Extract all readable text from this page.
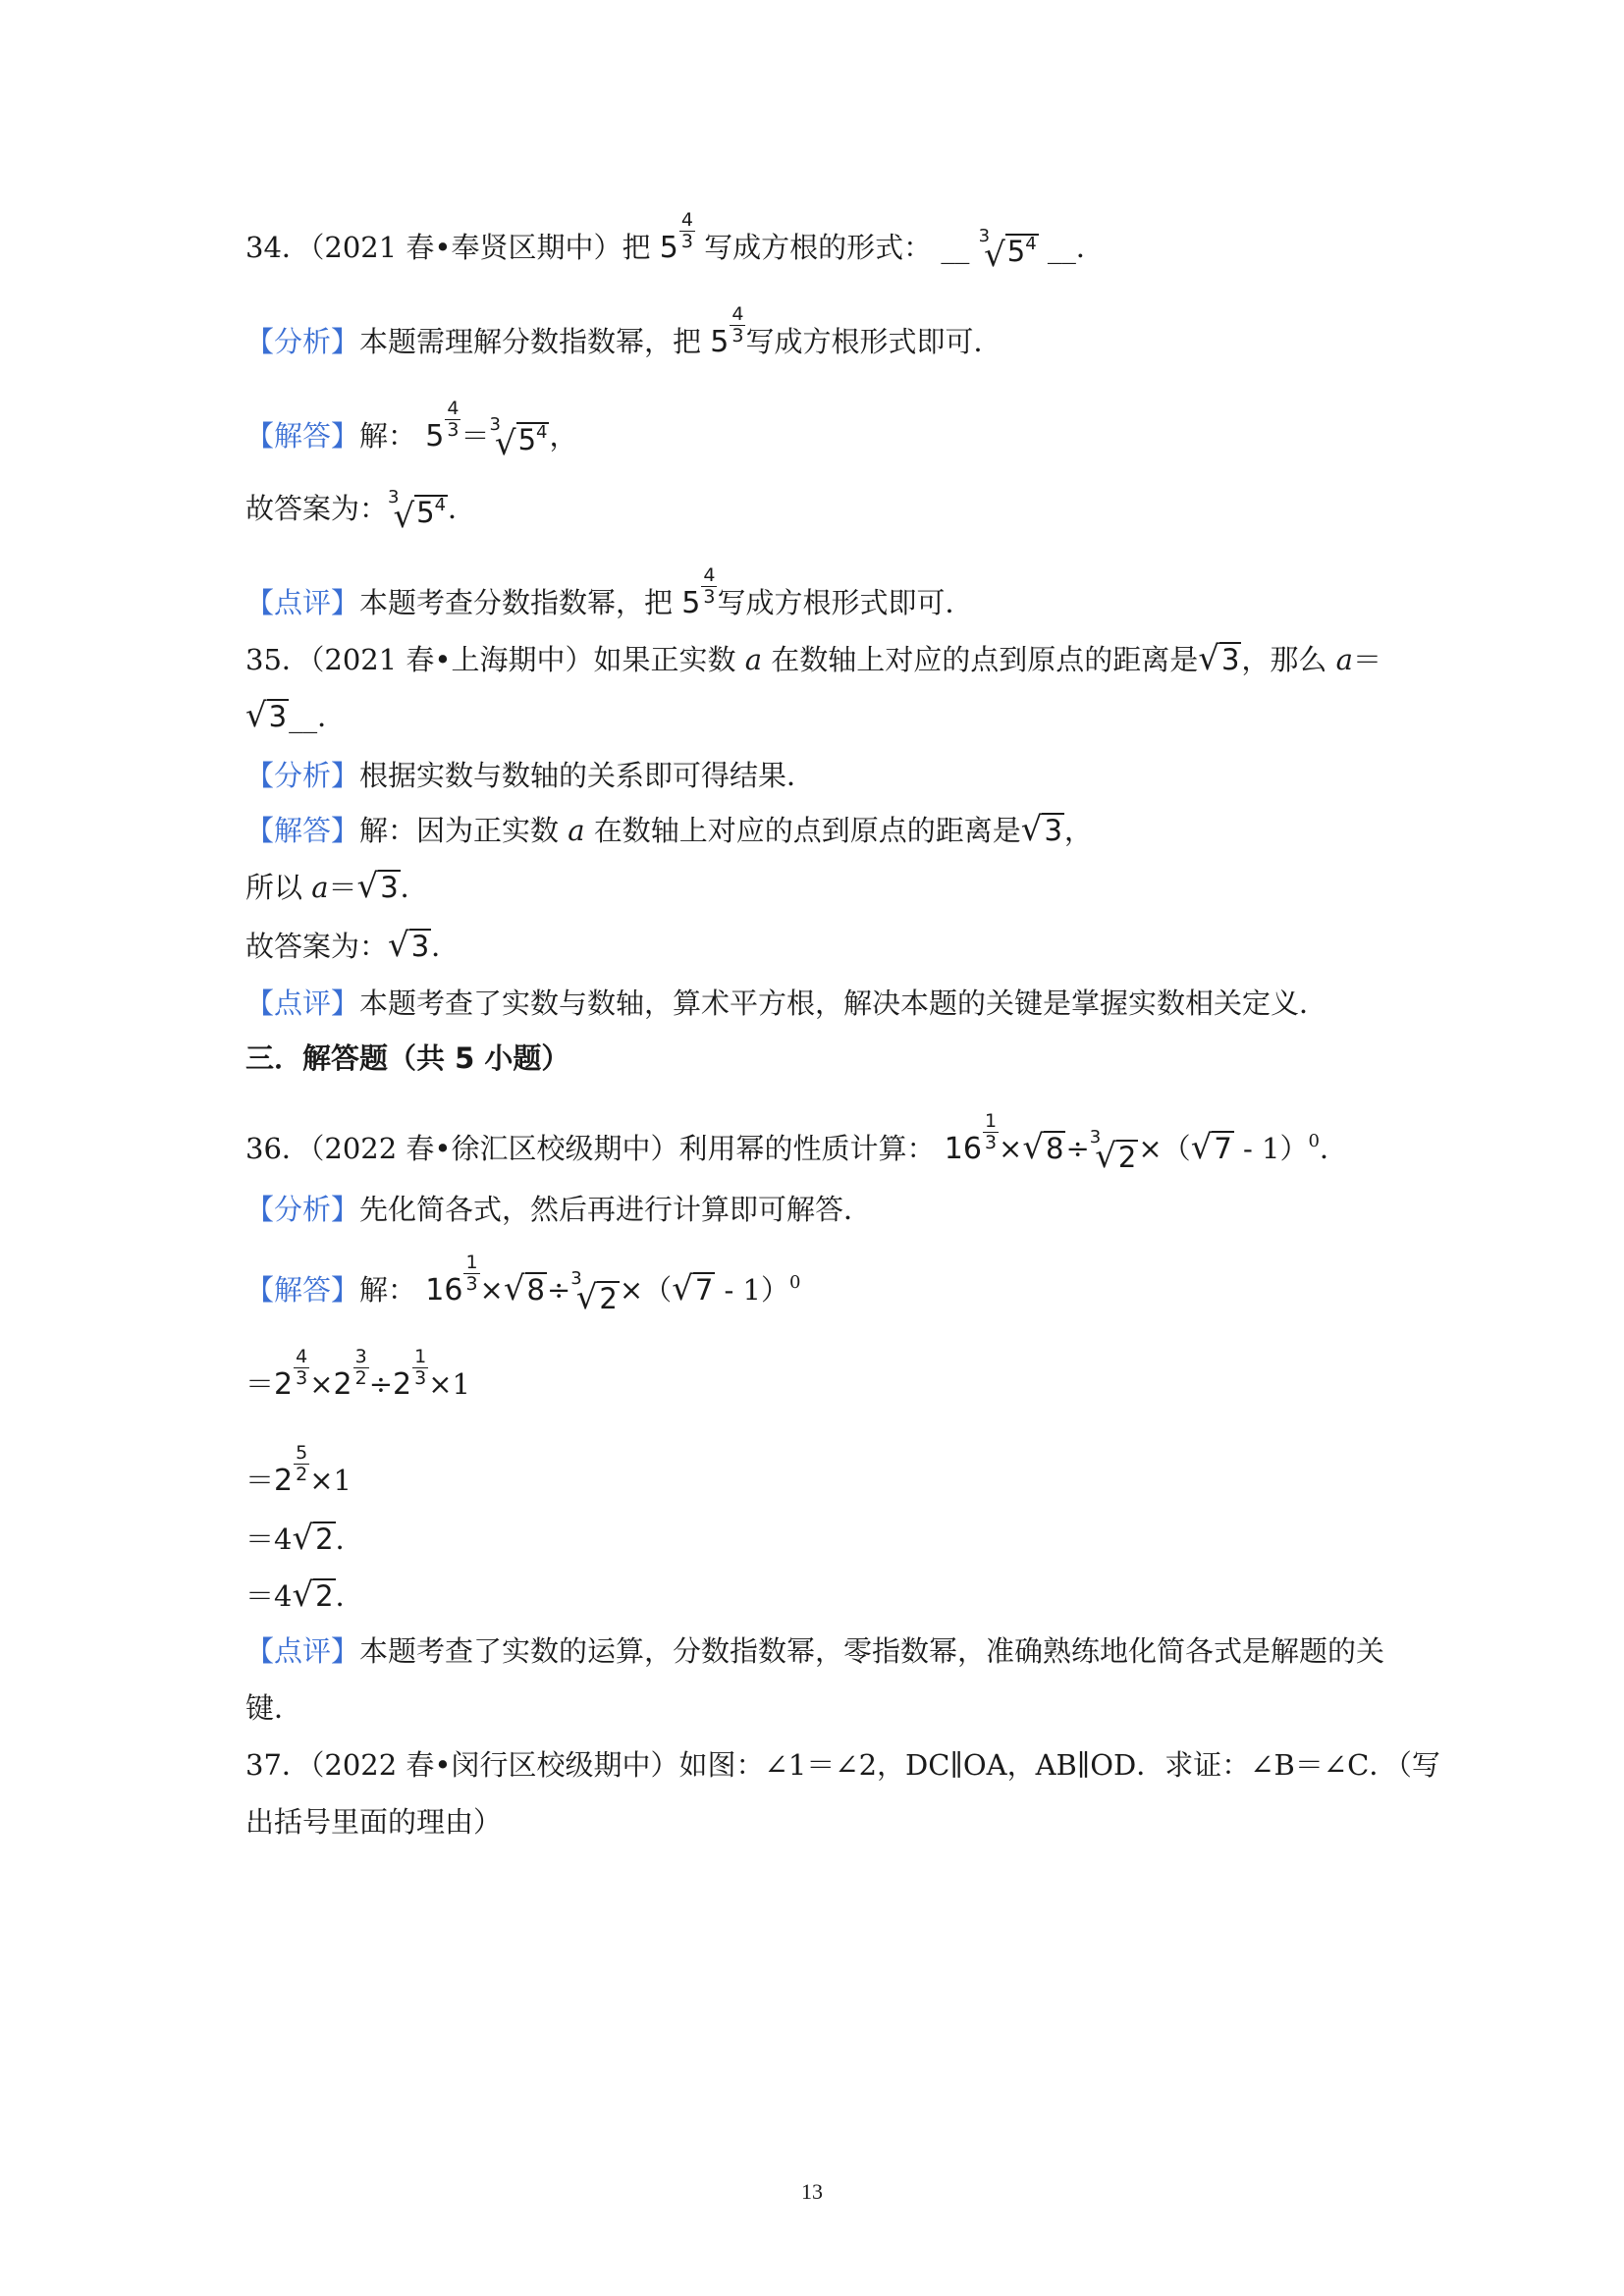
34．（2021 春•奉贤区期中）把 $5 \frac{4}{3}$ 写成方根的形式： __ 3
√ $5^4$ __．
【分析】本题需理解分数指数幂，把 $5 \frac{4}{3}$ 写成方根形式即可．
【解答】解： $5 \frac{4}{3} = 3$
√ $5^4$ ，
故答案为： 3
√ $5^4$ ．
【点评】本题考查分数指数幂，把 $5 \frac{4}{3}$ 写成方根形式即可．
35．（2021 春•上海期中）如果正实数 a 在数轴上对应的点到原点的距离是 √ 3 ，那么 a＝
√ 3 __．
【分析】根据实数与数轴的关系即可得结果．
【解答】解：因为正实数 a 在数轴上对应的点到原点的距离是 √ 3 ，
所以 a＝ √ 3 ．
故答案为： √ 3 ．
【点评】本题考查了实数与数轴，算术平方根，解决本题的关键是掌握实数相关定义．
三．解答题（共 5 小题）
36．（2022 春•徐汇区校级期中）利用幂的性质计算： $16 \frac{1}{3}$ × √ 8 ÷ 3
√ 2 ×（ √ 7 - 1）$^0$．
【分析】先化简各式，然后再进行计算即可解答．
【解答】解： $16 \frac{1}{3}$ × √ 8 ÷ 3
√ 2 ×（ √ 7 - 1）$^0$
$=2 \frac{4}{3} \times 2 \frac{3}{2} \div 2 \frac{1}{3} \times 1$
$=2 \frac{5}{2} \times 1$
＝4 √ 2 ．
＝4 √ 2 ．
【点评】本题考查了实数的运算，分数指数幂，零指数幂，准确熟练地化简各式是解题的关
键．
37．（2022 春•闵行区校级期中）如图：∠1＝∠2，DC∥OA，AB∥OD．求证：∠B＝∠C．（写
出括号里面的理由）
13
